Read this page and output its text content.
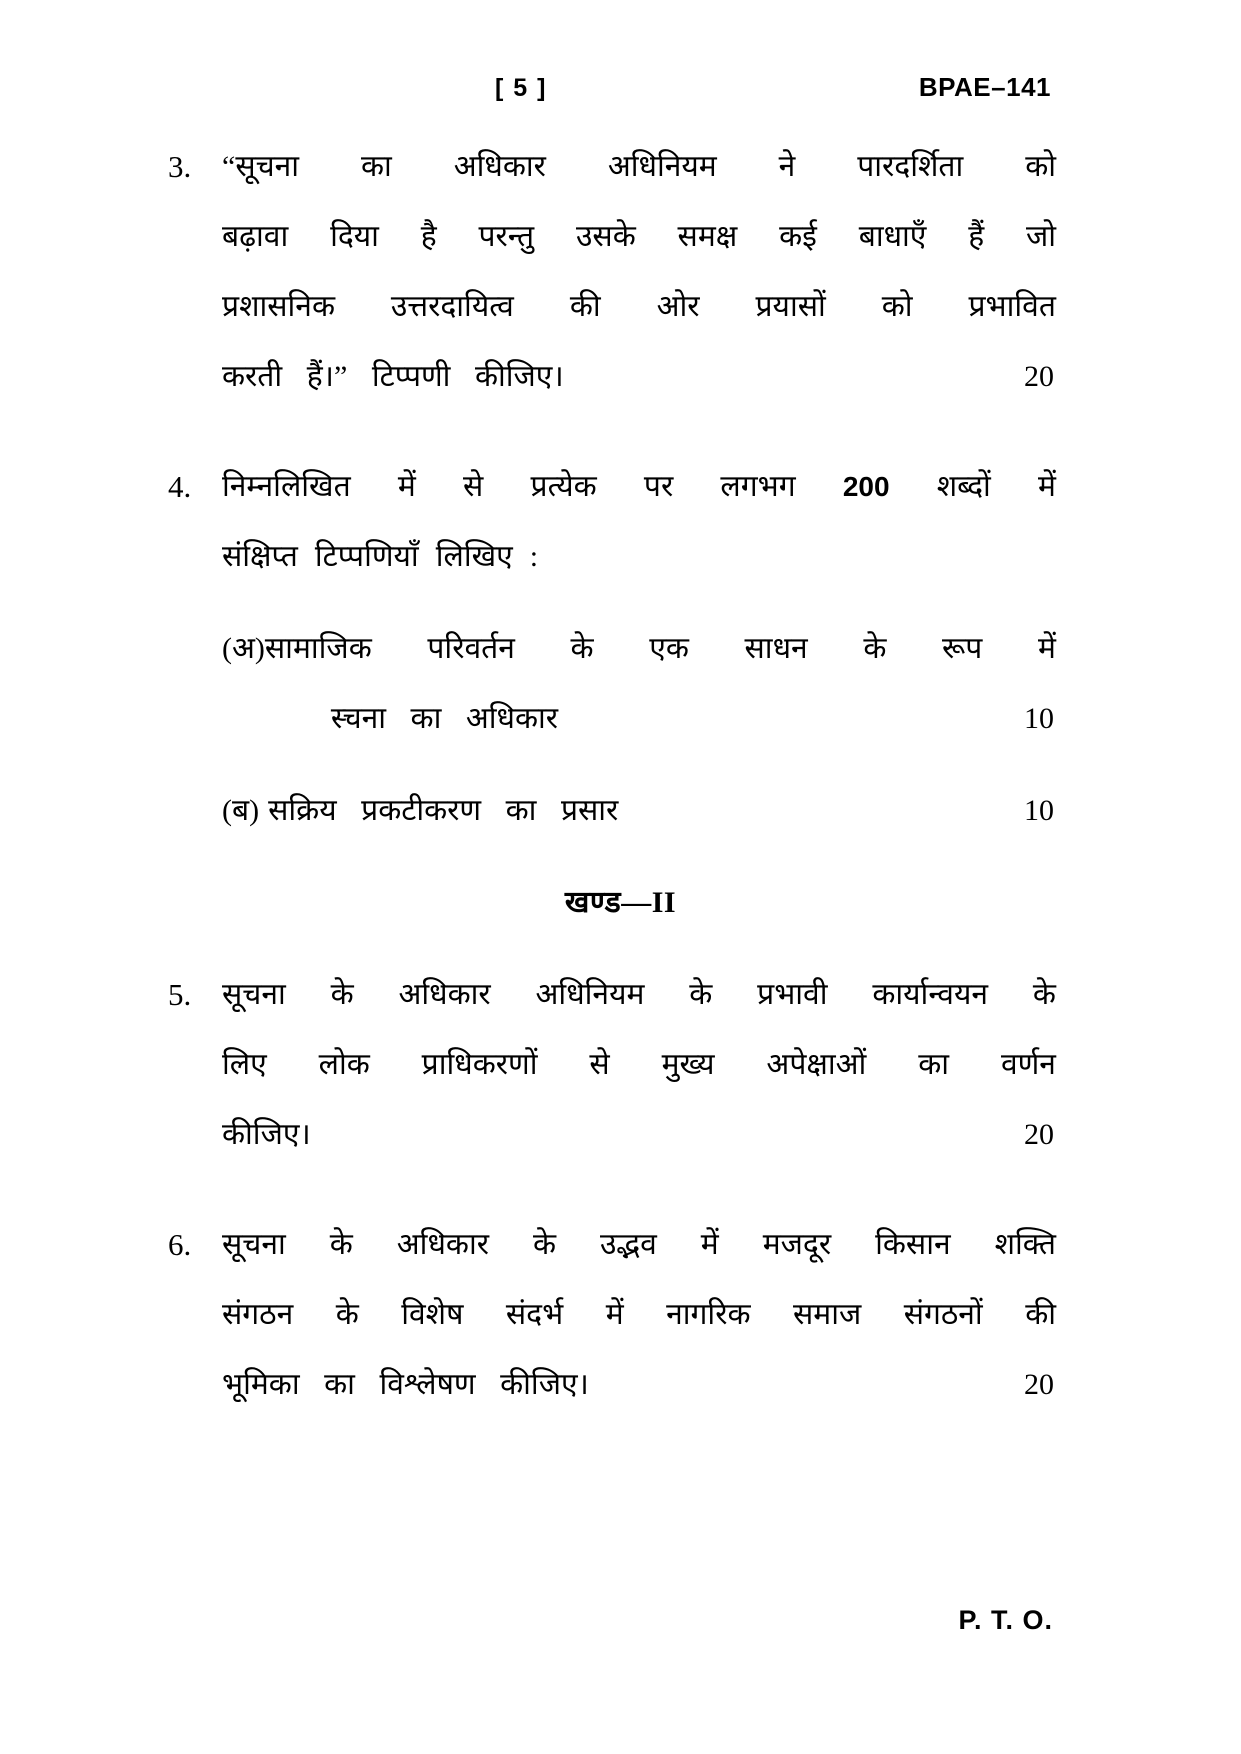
[ 5 ]	BPAE–141
3.	“सूचना का अधिकार अधिनियम ने पारदर्शिता को
बढ़ावा दिया है परन्तु उसके समक्ष कई बाधाएँ हैं जो
प्रशासनिक उत्तरदायित्व की ओर प्रयासों को प्रभावित
करती हैं।” टिप्पणी कीजिए।	20
4.	निम्नलिखित में से प्रत्येक पर लगभग 200 शब्दों में
संक्षिप्त टिप्पणियाँ लिखिए :
(अ) सामाजिक परिवर्तन के एक साधन के रूप में
स्चना का अधिकार	10
(ब) सक्रिय प्रकटीकरण का प्रसार	10
खण्ड—II
5.	सूचना के अधिकार अधिनियम के प्रभावी कार्यान्वयन के
लिए लोक प्राधिकरणों से मुख्य अपेक्षाओं का वर्णन
कीजिए।	20
6.	सूचना के अधिकार के उद्भव में मजदूर किसान शक्ति
संगठन के विशेष संदर्भ में नागरिक समाज संगठनों की
भूमिका का विश्लेषण कीजिए।	20
P. T. O.
